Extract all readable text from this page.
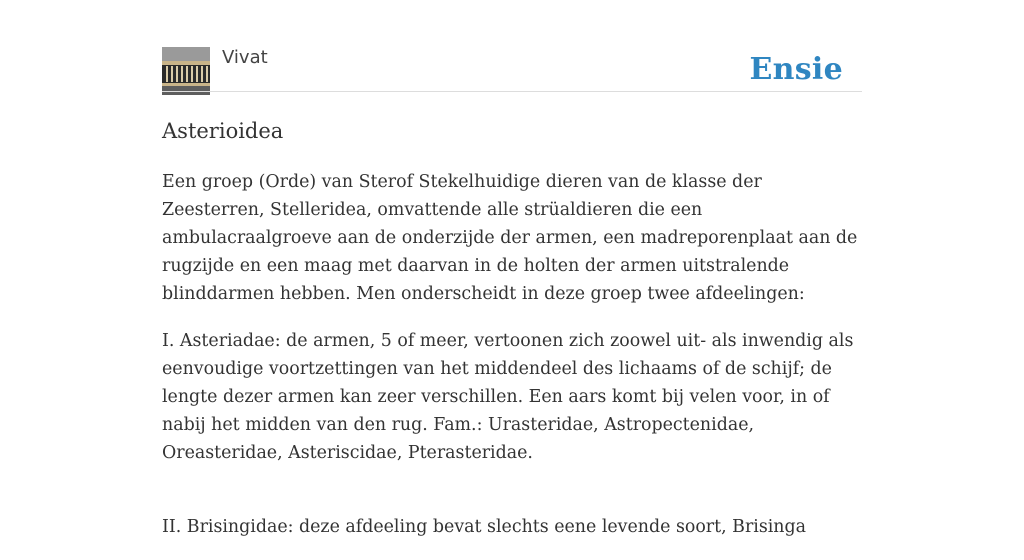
Vivat	Ensie
Asterioidea

Een groep (Orde) van Sterof Stekelhuidige dieren van de klasse der Zeesterren, Stelleridea, omvattende alle strüaldieren die een ambulacraalgroeve aan de onderzijde der armen, een madreporenplaat aan de rugzijde en een maag met daarvan in de holten der armen uitstralende blinddarmen hebben. Men onderscheidt in deze groep twee afdeelingen:

I. Asteriadae: de armen, 5 of meer, vertoonen zich zoowel uit- als inwendig als eenvoudige voortzettingen van het middendeel des lichaams of de schijf; de lengte dezer armen kan zeer verschillen. Een aars komt bij velen voor, in of nabij het midden van den rug. Fam.: Urasteridae, Astropectenidae, Oreasteridae, Asteriscidae, Pterasteridae.

II. Brisingidae: deze afdeeling bevat slechts eene levende soort, Brisinga
